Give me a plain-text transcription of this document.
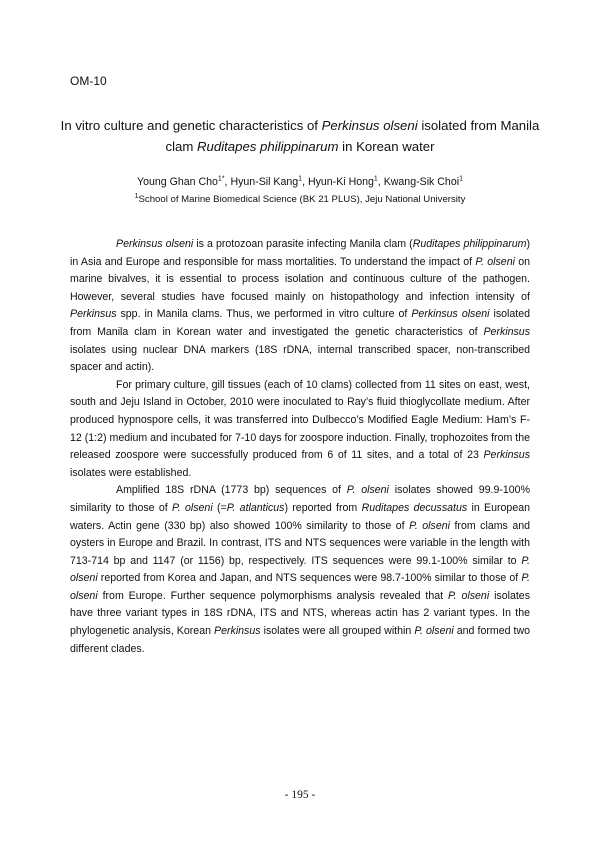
OM-10
In vitro culture and genetic characteristics of Perkinsus olseni isolated from Manila
clam Ruditapes philippinarum in Korean water
Young Ghan Cho$^{1*}$, Hyun-Sil Kang$^1$, Hyun-Ki Hong$^1$, Kwang-Sik Choi$^1$
$^1$School of Marine Biomedical Science (BK 21 PLUS), Jeju National University

Perkinsus olseni is a protozoan parasite infecting Manila clam (Ruditapes philippinarum) in Asia and Europe and responsible for mass mortalities. To understand the impact of P. olseni on marine bivalves, it is essential to process isolation and continuous culture of the pathogen. However, several studies have focused mainly on histopathology and infection intensity of Perkinsus spp. in Manila clams. Thus, we performed in vitro culture of Perkinsus olseni isolated from Manila clam in Korean water and investigated the genetic characteristics of Perkinsus isolates using nuclear DNA markers (18S rDNA, internal transcribed spacer, non-transcribed spacer and actin).

For primary culture, gill tissues (each of 10 clams) collected from 11 sites on east, west, south and Jeju Island in October, 2010 were inoculated to Ray’s fluid thioglycollate medium. After produced hypnospore cells, it was transferred into Dulbecco’s Modified Eagle Medium: Ham’s F-12 (1:2) medium and incubated for 7-10 days for zoospore induction. Finally, trophozoites from the released zoospore were successfully produced from 6 of 11 sites, and a total of 23 Perkinsus isolates were established.

Amplified 18S rDNA (1773 bp) sequences of P. olseni isolates showed 99.9-100% similarity to those of P. olseni (=P. atlanticus) reported from Ruditapes decussatus in European waters. Actin gene (330 bp) also showed 100% similarity to those of P. olseni from clams and oysters in Europe and Brazil. In contrast, ITS and NTS sequences were variable in the length with 713-714 bp and 1147 (or 1156) bp, respectively. ITS sequences were 99.1-100% similar to P. olseni reported from Korea and Japan, and NTS sequences were 98.7-100% similar to those of P. olseni from Europe. Further sequence polymorphisms analysis revealed that P. olseni isolates have three variant types in 18S rDNA, ITS and NTS, whereas actin has 2 variant types. In the phylogenetic analysis, Korean Perkinsus isolates were all grouped within P. olseni and formed two different clades.

- 195 -
